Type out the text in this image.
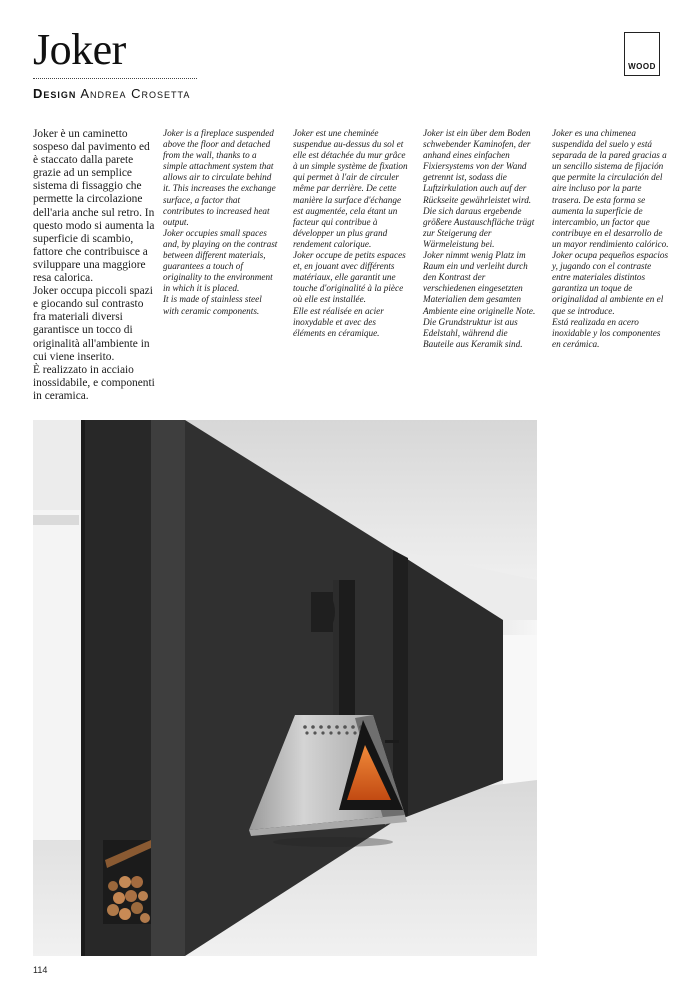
Joker
Design Andrea Crosetta
WOOD

Joker è un caminetto sospeso dal pavimento ed è staccato dalla parete grazie ad un semplice sistema di fissaggio che permette la circolazione dell'aria anche sul retro. In questo modo si aumenta la superficie di scambio, fattore che contribuisce a sviluppare una maggiore resa calorica.

Joker occupa piccoli spazi e giocando sul contrasto fra materiali diversi garantisce un tocco di originalità all'ambiente in cui viene inserito.

È realizzato in acciaio inossidabile, e componenti in ceramica.

Joker is a fireplace suspended above the floor and detached from the wall, thanks to a simple attachment system that allows air to circulate behind it. This increases the exchange surface, a factor that contributes to increased heat output.

Joker occupies small spaces and, by playing on the contrast between different materials, guarantees a touch of originality to the environment in which it is placed.

It is made of stainless steel with ceramic components.

Joker est une cheminée suspendue au-dessus du sol et elle est détachée du mur grâce à un simple système de fixation qui permet à l'air de circuler même par derrière. De cette manière la surface d'échange est augmentée, cela étant un facteur qui contribue à développer un plus grand rendement calorique.

Joker occupe de petits espaces et, en jouant avec différents matériaux, elle garantit une touche d'originalité à la pièce où elle est installée.

Elle est réalisée en acier inoxydable et avec des éléments en céramique.

Joker ist ein über dem Boden schwebender Kaminofen, der anhand eines einfachen Fixiersystems von der Wand getrennt ist, sodass die Luftzirkulation auch auf der Rückseite gewährleistet wird. Die sich daraus ergebende größere Austauschfläche trägt zur Steigerung der Wärmeleistung bei.

Joker nimmt wenig Platz im Raum ein und verleiht durch den Kontrast der verschiedenen eingesetzten Materialien dem gesamten Ambiente eine originelle Note.

Die Grundstruktur ist aus Edelstahl, während die Bauteile aus Keramik sind.

Joker es una chimenea suspendida del suelo y está separada de la pared gracias a un sencillo sistema de fijación que permite la circulación del aire incluso por la parte trasera. De esta forma se aumenta la superficie de intercambio, un factor que contribuye en el desarrollo de un mayor rendimiento calórico.

Joker ocupa pequeños espacios y, jugando con el contraste entre materiales distintos garantiza un toque de originalidad al ambiente en el que se introduce.

Está realizada en acero inoxidable y los componentes en cerámica.

114
